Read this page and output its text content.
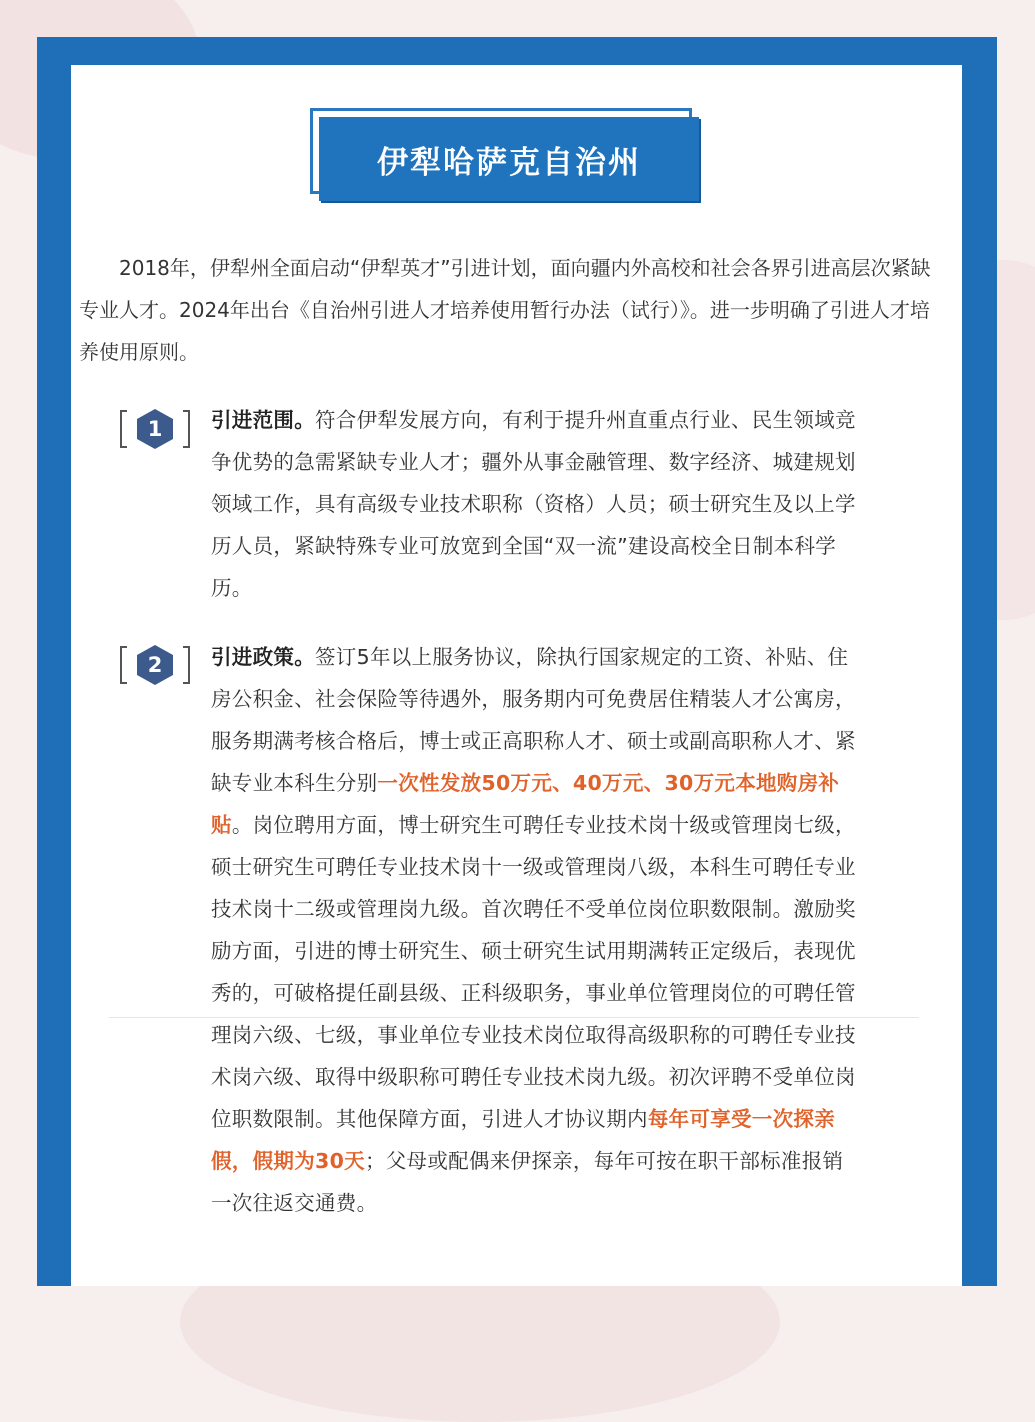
伊犁哈萨克自治州

2018年，伊犁州全面启动“伊犁英才”引进计划，面向疆内外高校和社会各界引进高层次紧缺专业人才。2024年出台《自治州引进人才培养使用暂行办法（试行）》。进一步明确了引进人才培养使用原则。

1	引进范围。符合伊犁发展方向，有利于提升州直重点行业、民生领域竞争优势的急需紧缺专业人才；疆外从事金融管理、数字经济、城建规划领域工作，具有高级专业技术职称（资格）人员；硕士研究生及以上学历人员，紧缺特殊专业可放宽到全国“双一流”建设高校全日制本科学历。

2	引进政策。签订5年以上服务协议，除执行国家规定的工资、补贴、住房公积金、社会保险等待遇外，服务期内可免费居住精装人才公寓房，服务期满考核合格后，博士或正高职称人才、硕士或副高职称人才、紧缺专业本科生分别一次性发放50万元、40万元、30万元本地购房补贴。岗位聘用方面，博士研究生可聘任专业技术岗十级或管理岗七级，硕士研究生可聘任专业技术岗十一级或管理岗八级，本科生可聘任专业技术岗十二级或管理岗九级。首次聘任不受单位岗位职数限制。激励奖励方面，引进的博士研究生、硕士研究生试用期满转正定级后，表现优秀的，可破格提任副县级、正科级职务，事业单位管理岗位的可聘任管理岗六级、七级，事业单位专业技术岗位取得高级职称的可聘任专业技术岗六级、取得中级职称可聘任专业技术岗九级。初次评聘不受单位岗位职数限制。其他保障方面，引进人才协议期内每年可享受一次探亲假，假期为30天；父母或配偶来伊探亲，每年可按在职干部标准报销一次往返交通费。
